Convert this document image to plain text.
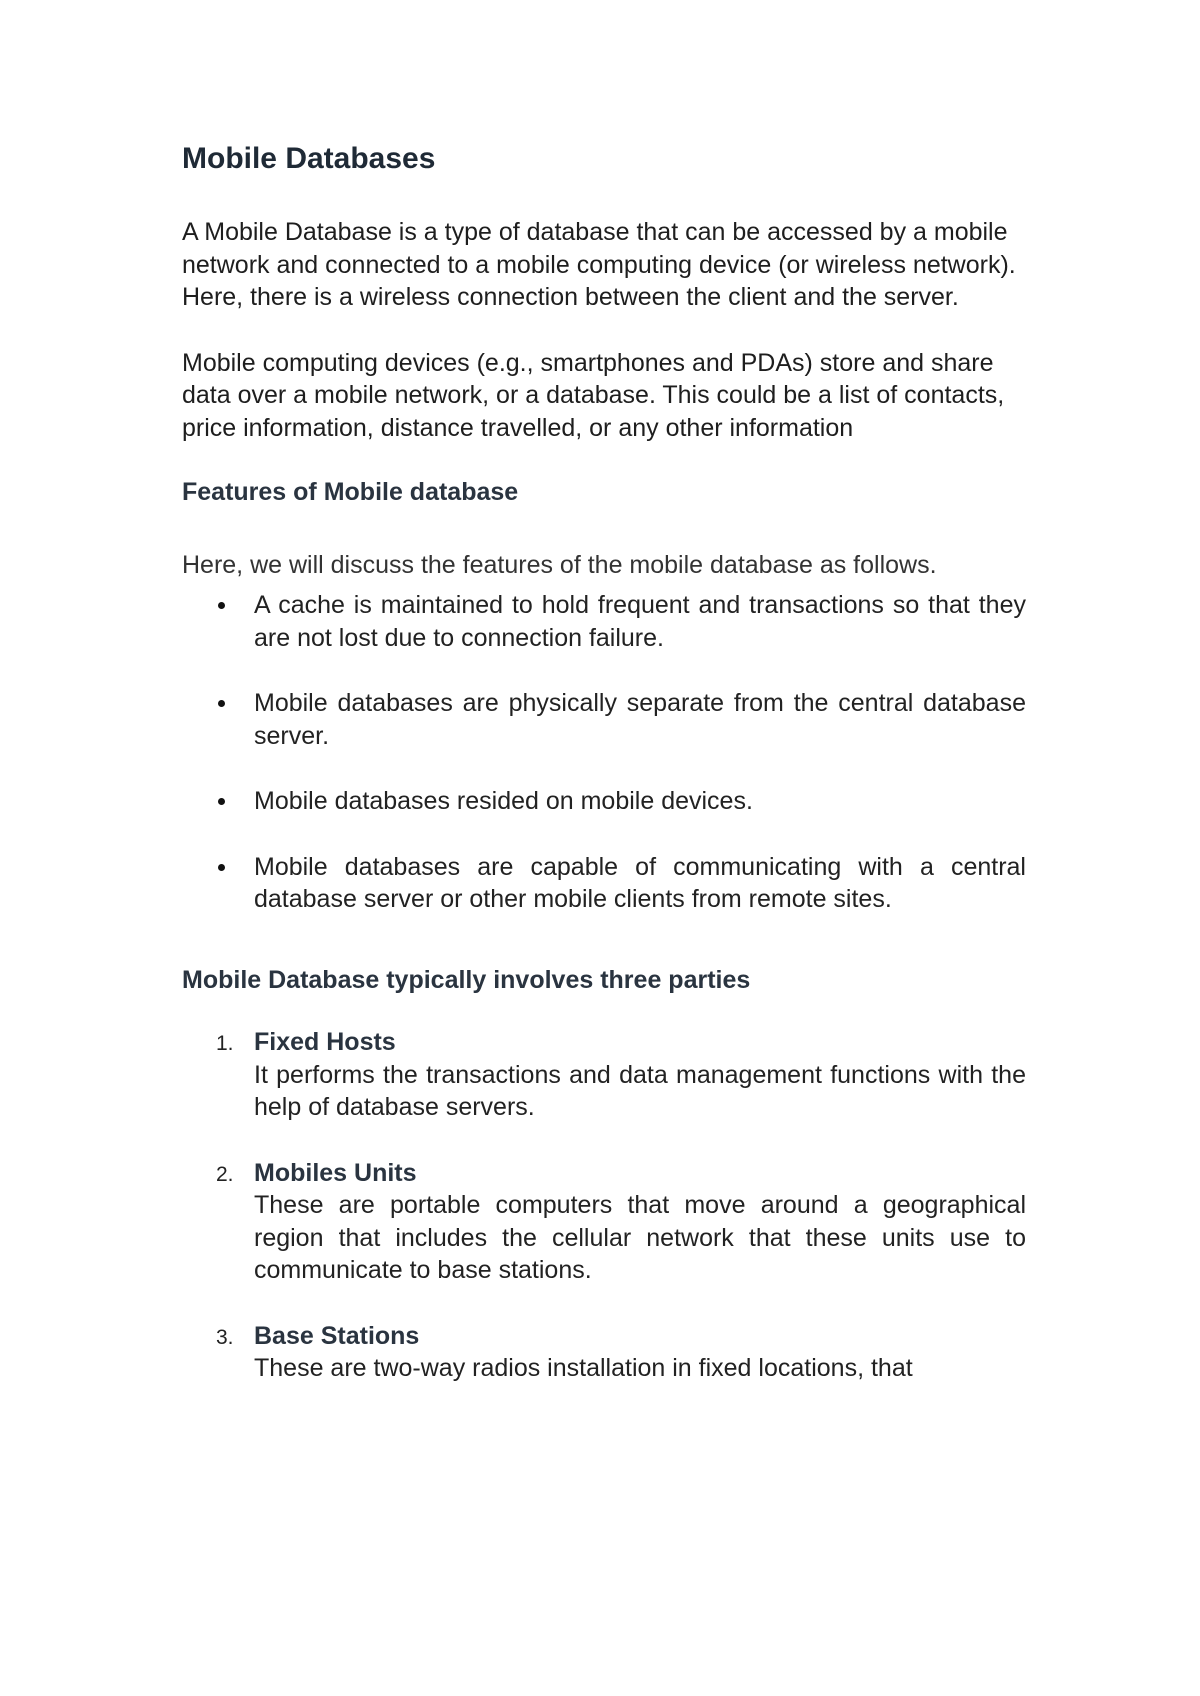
Mobile Databases

A Mobile Database is a type of database that can be accessed by a mobile network and connected to a mobile computing device (or wireless network). Here, there is a wireless connection between the client and the server.

Mobile computing devices (e.g., smartphones and PDAs) store and share data over a mobile network, or a database. This could be a list of contacts, price information, distance travelled, or any other information

Features of Mobile database

Here, we will discuss the features of the mobile database as follows.

A cache is maintained to hold frequent and transactions so that they are not lost due to connection failure.
Mobile databases are physically separate from the central database server.
Mobile databases resided on mobile devices.
Mobile databases are capable of communicating with a central database server or other mobile clients from remote sites.
Mobile Database typically involves three parties
1. Fixed Hosts
It performs the transactions and data management functions with the help of database servers.
2. Mobiles Units
These are portable computers that move around a geographical region that includes the cellular network that these units use to communicate to base stations.
3. Base Stations
These are two-way radios installation in fixed locations, that
